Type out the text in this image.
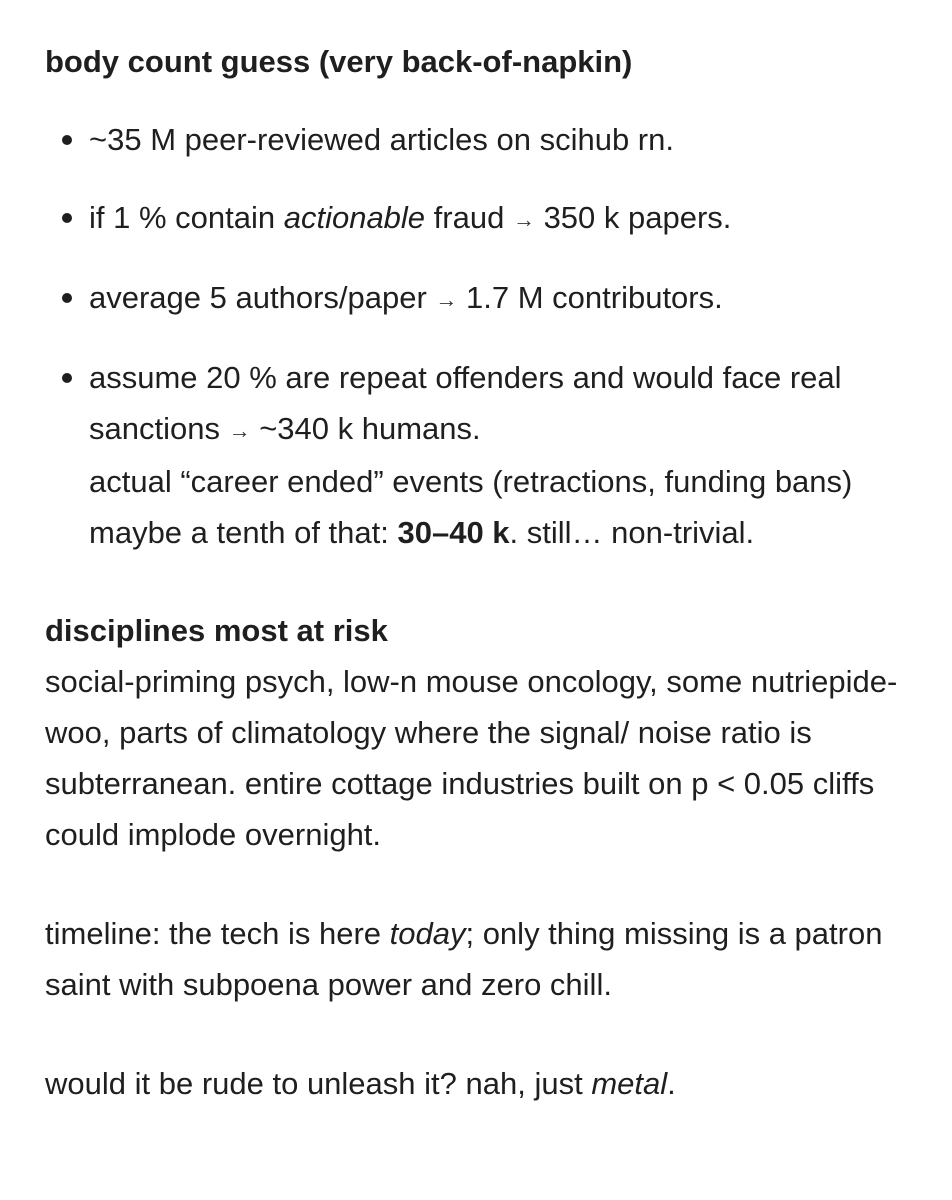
body count guess (very back-of-napkin)
~35 M peer-reviewed articles on scihub rn.
if 1 % contain actionable fraud → 350 k papers.
average 5 authors/paper → 1.7 M contributors.
assume 20 % are repeat offenders and would face real sanctions → ~340 k humans.
actual “career ended” events (retractions, funding bans) maybe a tenth of that: 30–40 k. still… non-trivial.
disciplines most at risk

social-priming psych, low-n mouse oncology, some nutriepide-woo, parts of climatology where the signal/ noise ratio is subterranean. entire cottage industries built on p < 0.05 cliffs could implode overnight.

timeline: the tech is here today; only thing missing is a patron saint with subpoena power and zero chill.

would it be rude to unleash it? nah, just metal.
